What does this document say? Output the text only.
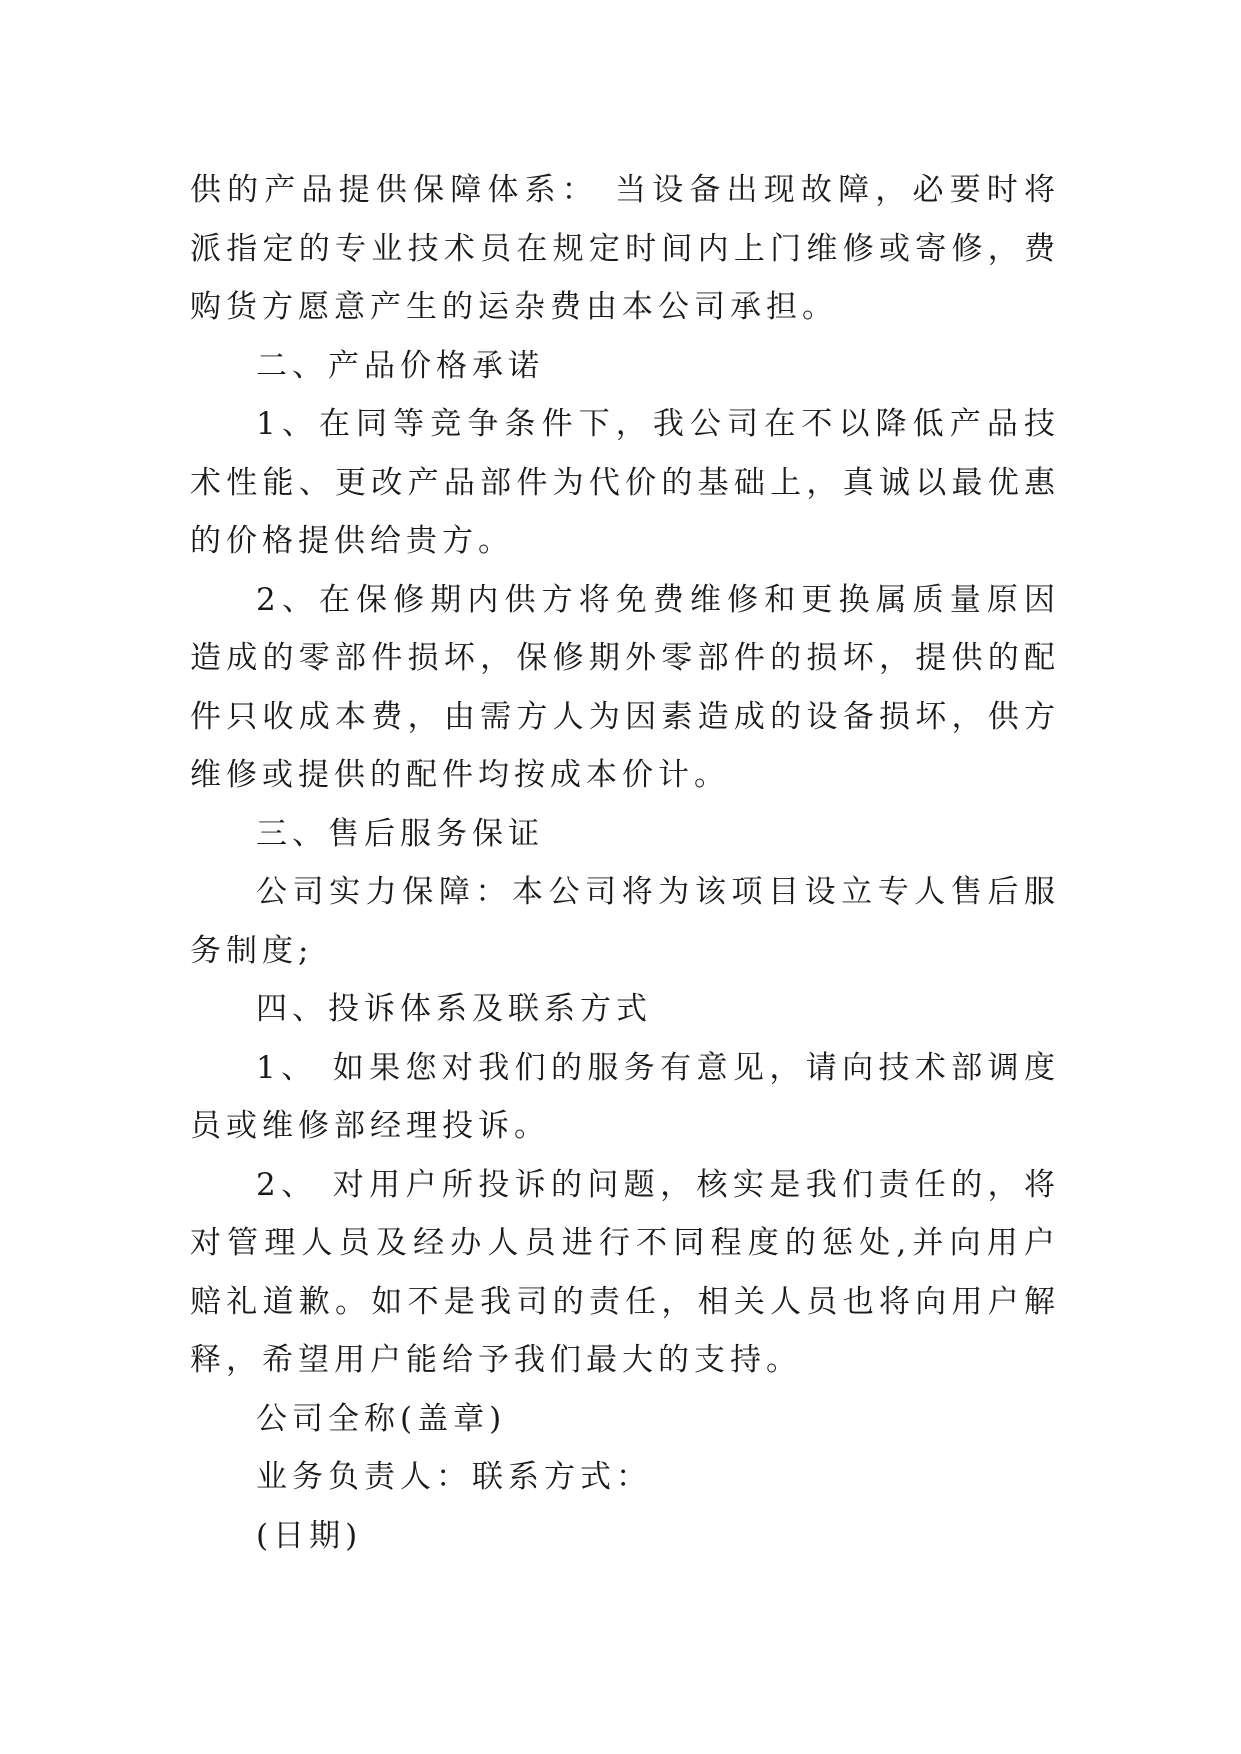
供的产品提供保障体系： 当设备出现故障，必要时将派指定的专业技术员在规定时间内上门维修或寄修，费购货方愿意产生的运杂费由本公司承担。

二、产品价格承诺

1、在同等竞争条件下，我公司在不以降低产品技术性能、更改产品部件为代价的基础上，真诚以最优惠的价格提供给贵方。

2、在保修期内供方将免费维修和更换属质量原因造成的零部件损坏，保修期外零部件的损坏，提供的配件只收成本费，由需方人为因素造成的设备损坏，供方维修或提供的配件均按成本价计。

三、售后服务保证

公司实力保障：本公司将为该项目设立专人售后服务制度;

四、投诉体系及联系方式

1、 如果您对我们的服务有意见，请向技术部调度员或维修部经理投诉。

2、 对用户所投诉的问题，核实是我们责任的，将对管理人员及经办人员进行不同程度的惩处,并向用户赔礼道歉。如不是我司的责任，相关人员也将向用户解释，希望用户能给予我们最大的支持。

公司全称(盖章)

业务负责人：联系方式：

(日期)
